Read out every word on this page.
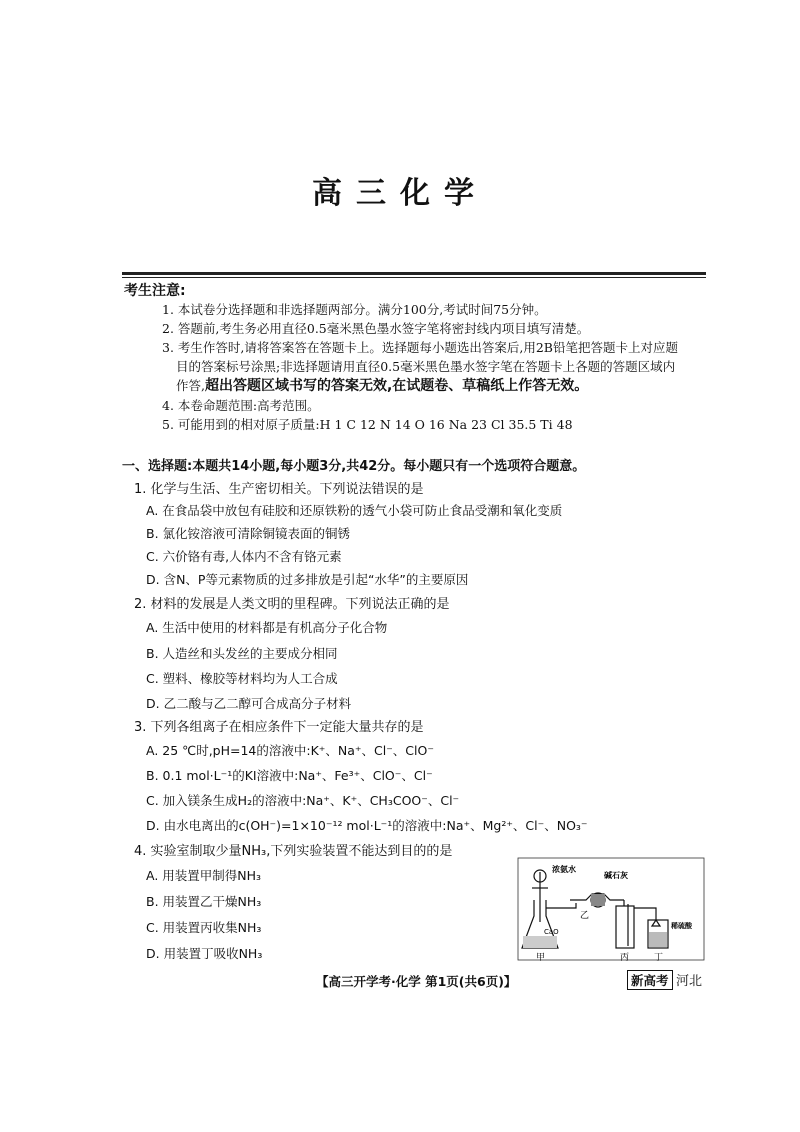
高三化学
考生注意:

1. 本试卷分选择题和非选择题两部分。满分100分,考试时间75分钟。

2. 答题前,考生务必用直径0.5毫米黑色墨水签字笔将密封线内项目填写清楚。

3. 考生作答时,请将答案答在答题卡上。选择题每小题选出答案后,用2B铅笔把答题卡上对应题

目的答案标号涂黑;非选择题请用直径0.5毫米黑色墨水签字笔在答题卡上各题的答题区域内

作答,超出答题区域书写的答案无效,在试题卷、草稿纸上作答无效。

4. 本卷命题范围:高考范围。

5. 可能用到的相对原子质量:H 1 C 12 N 14 O 16 Na 23 Cl 35.5 Ti 48

一、选择题:本题共14小题,每小题3分,共42分。每小题只有一个选项符合题意。
1. 化学与生活、生产密切相关。下列说法错误的是
A. 在食品袋中放包有硅胶和还原铁粉的透气小袋可防止食品受潮和氧化变质
B. 氯化铵溶液可清除铜镜表面的铜锈
C. 六价铬有毒,人体内不含有铬元素
D. 含N、P等元素物质的过多排放是引起“水华”的主要原因
2. 材料的发展是人类文明的里程碑。下列说法正确的是
A. 生活中使用的材料都是有机高分子化合物
B. 人造丝和头发丝的主要成分相同
C. 塑料、橡胶等材料均为人工合成
D. 乙二酸与乙二醇可合成高分子材料
3. 下列各组离子在相应条件下一定能大量共存的是
A. 25 ℃时,pH=14的溶液中:K⁺、Na⁺、Cl⁻、ClO⁻
B. 0.1 mol·L⁻¹的KI溶液中:Na⁺、Fe³⁺、ClO⁻、Cl⁻
C. 加入镁条生成H₂的溶液中:Na⁺、K⁺、CH₃COO⁻、Cl⁻
D. 由水电离出的c(OH⁻)=1×10⁻¹² mol·L⁻¹的溶液中:Na⁺、Mg²⁺、Cl⁻、NO₃⁻
4. 实验室制取少量NH₃,下列实验装置不能达到目的的是
A. 用装置甲制得NH₃
B. 用装置乙干燥NH₃
C. 用装置丙收集NH₃
D. 用装置丁吸收NH₃
浓氨水
碱石灰
乙
CaO
甲	丙	丁
稀硫酸
【高三开学考·化学 第1页(共6页)】	新高考 河北
